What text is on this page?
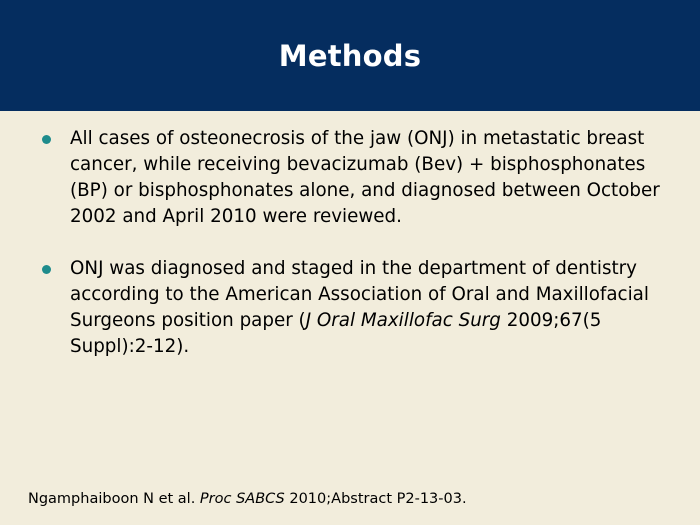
Methods
All cases of osteonecrosis of the jaw (ONJ) in metastatic breast cancer, while receiving bevacizumab (Bev) + bisphosphonates (BP) or bisphosphonates alone, and diagnosed between October 2002 and April 2010 were reviewed.
ONJ was diagnosed and staged in the department of dentistry according to the American Association of Oral and Maxillofacial Surgeons position paper (J Oral Maxillofac Surg 2009;67(5 Suppl):2-12).
Ngamphaiboon N et al. Proc SABCS 2010;Abstract P2-13-03.
